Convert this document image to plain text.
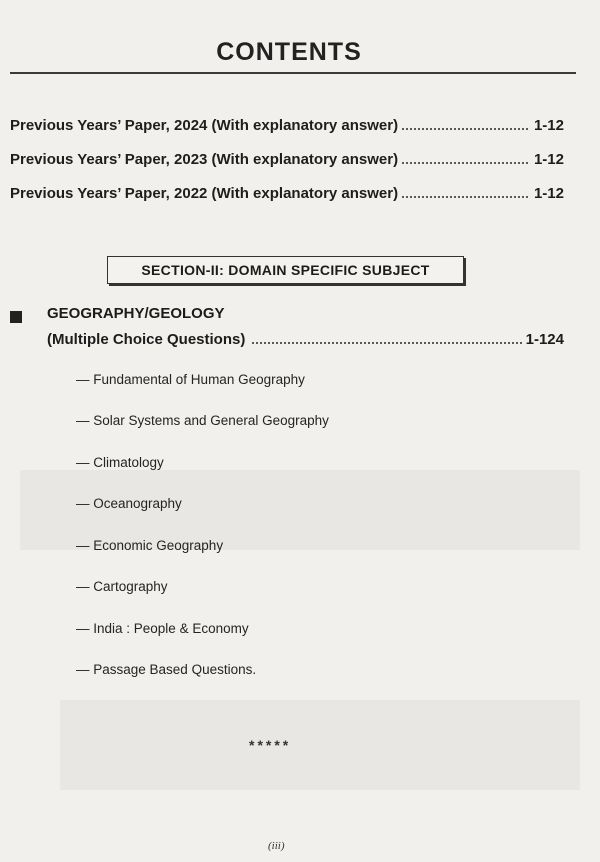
CONTENTS
Previous Years’ Paper, 2024 (With explanatory answer)	1-12
Previous Years’ Paper, 2023 (With explanatory answer)	1-12
Previous Years’ Paper, 2022 (With explanatory answer)	1-12
SECTION-II: DOMAIN SPECIFIC SUBJECT
GEOGRAPHY/GEOLOGY
(Multiple Choice Questions)	1-124
— Fundamental of Human Geography
— Solar Systems and General Geography
— Climatology
— Oceanography
— Economic Geography
— Cartography
— India : People & Economy
— Passage Based Questions.
*****
(iii)
